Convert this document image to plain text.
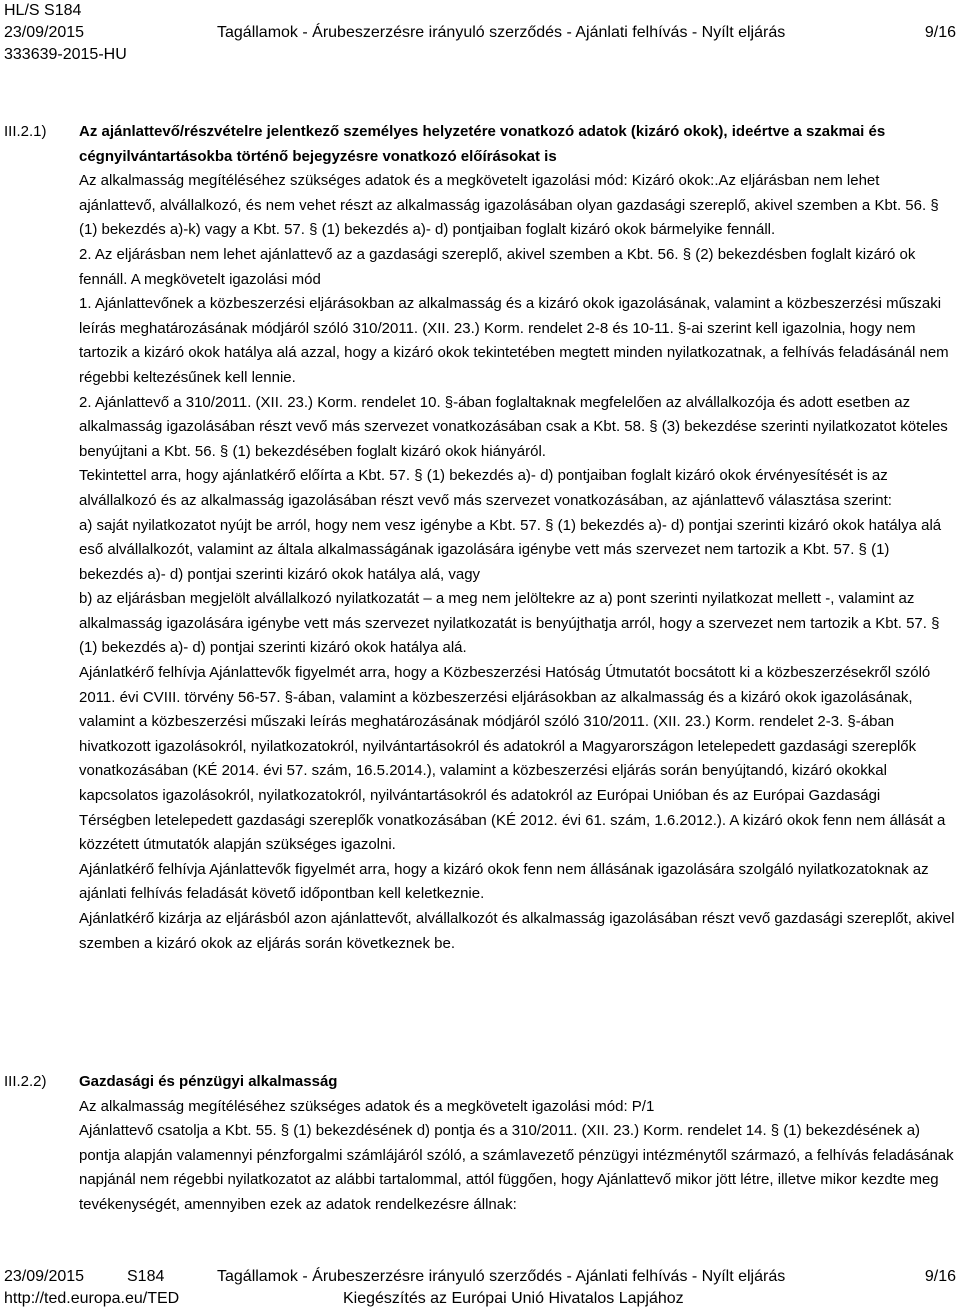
HL/S S184
23/09/2015
333639-2015-HU
Tagállamok - Árubeszerzésre irányuló szerződés - Ajánlati felhívás - Nyílt eljárás	9/16
III.2.1) Az ajánlattevő/részvételre jelentkező személyes helyzetére vonatkozó adatok (kizáró okok), ideértve a szakmai és cégnyilvántartásokba történő bejegyzésre vonatkozó előírásokat is

Az alkalmasság megítéléséhez szükséges adatok és a megkövetelt igazolási mód: Kizáró okok:.Az eljárásban nem lehet ajánlattevő, alvállalkozó, és nem vehet részt az alkalmasság igazolásában olyan gazdasági szereplő, akivel szemben a Kbt. 56. § (1) bekezdés a)-k) vagy a Kbt. 57. § (1) bekezdés a)- d) pontjaiban foglalt kizáró okok bármelyike fennáll.

2. Az eljárásban nem lehet ajánlattevő az a gazdasági szereplő, akivel szemben a Kbt. 56. § (2) bekezdésben foglalt kizáró ok fennáll. A megkövetelt igazolási mód

1. Ajánlattevőnek a közbeszerzési eljárásokban az alkalmasság és a kizáró okok igazolásának, valamint a közbeszerzési műszaki leírás meghatározásának módjáról szóló 310/2011. (XII. 23.) Korm. rendelet 2-8 és 10-11. §-ai szerint kell igazolnia, hogy nem tartozik a kizáró okok hatálya alá azzal, hogy a kizáró okok tekintetében megtett minden nyilatkozatnak, a felhívás feladásánál nem régebbi keltezésűnek kell lennie.

2. Ajánlattevő a 310/2011. (XII. 23.) Korm. rendelet 10. §-ában foglaltaknak megfelelően az alvállalkozója és adott esetben az alkalmasság igazolásában részt vevő más szervezet vonatkozásában csak a Kbt. 58. § (3) bekezdése szerinti nyilatkozatot köteles benyújtani a Kbt. 56. § (1) bekezdésében foglalt kizáró okok hiányáról.

Tekintettel arra, hogy ajánlatkérő előírta a Kbt. 57. § (1) bekezdés a)- d) pontjaiban foglalt kizáró okok érvényesítését is az alvállalkozó és az alkalmasság igazolásában részt vevő más szervezet vonatkozásában, az ajánlattevő választása szerint:

a) saját nyilatkozatot nyújt be arról, hogy nem vesz igénybe a Kbt. 57. § (1) bekezdés a)- d) pontjai szerinti kizáró okok hatálya alá eső alvállalkozót, valamint az általa alkalmasságának igazolására igénybe vett más szervezet nem tartozik a Kbt. 57. § (1) bekezdés a)- d) pontjai szerinti kizáró okok hatálya alá, vagy

b) az eljárásban megjelölt alvállalkozó nyilatkozatát – a meg nem jelöltekre az a) pont szerinti nyilatkozat mellett -, valamint az alkalmasság igazolására igénybe vett más szervezet nyilatkozatát is benyújthatja arról, hogy a szervezet nem tartozik a Kbt. 57. § (1) bekezdés a)- d) pontjai szerinti kizáró okok hatálya alá.

Ajánlatkérő felhívja Ajánlattevők figyelmét arra, hogy a Közbeszerzési Hatóság Útmutatót bocsátott ki a közbeszerzésekről szóló 2011. évi CVIII. törvény 56-57. §-ában, valamint a közbeszerzési eljárásokban az alkalmasság és a kizáró okok igazolásának, valamint a közbeszerzési műszaki leírás meghatározásának módjáról szóló 310/2011. (XII. 23.) Korm. rendelet 2-3. §-ában hivatkozott igazolásokról, nyilatkozatokról, nyilvántartásokról és adatokról a Magyarországon letelepedett gazdasági szereplők vonatkozásában (KÉ 2014. évi 57. szám, 16.5.2014.), valamint a közbeszerzési eljárás során benyújtandó, kizáró okokkal kapcsolatos igazolásokról, nyilatkozatokról, nyilvántartásokról és adatokról az Európai Unióban és az Európai Gazdasági Térségben letelepedett gazdasági szereplők vonatkozásában (KÉ 2012. évi 61. szám, 1.6.2012.). A kizáró okok fenn nem állását a közzétett útmutatók alapján szükséges igazolni.

Ajánlatkérő felhívja Ajánlattevők figyelmét arra, hogy a kizáró okok fenn nem állásának igazolására szolgáló nyilatkozatoknak az ajánlati felhívás feladását követő időpontban kell keletkeznie.

Ajánlatkérő kizárja az eljárásból azon ajánlattevőt, alvállalkozót és alkalmasság igazolásában részt vevő gazdasági szereplőt, akivel szemben a kizáró okok az eljárás során következnek be.

III.2.2) Gazdasági és pénzügyi alkalmasság

Az alkalmasság megítéléséhez szükséges adatok és a megkövetelt igazolási mód: P/1

Ajánlattevő csatolja a Kbt. 55. § (1) bekezdésének d) pontja és a 310/2011. (XII. 23.) Korm. rendelet 14. § (1) bekezdésének a) pontja alapján valamennyi pénzforgalmi számlájáról szóló, a számlavezető pénzügyi intézménytől származó, a felhívás feladásának napjánál nem régebbi nyilatkozatot az alábbi tartalommal, attól függően, hogy Ajánlattevő mikor jött létre, illetve mikor kezdte meg tevékenységét, amennyiben ezek az adatok rendelkezésre állnak:

23/09/2015	S184	Tagállamok - Árubeszerzésre irányuló szerződés - Ajánlati felhívás - Nyílt eljárás	9/16
http://ted.europa.eu/TED	Kiegészítés az Európai Unió Hivatalos Lapjához
